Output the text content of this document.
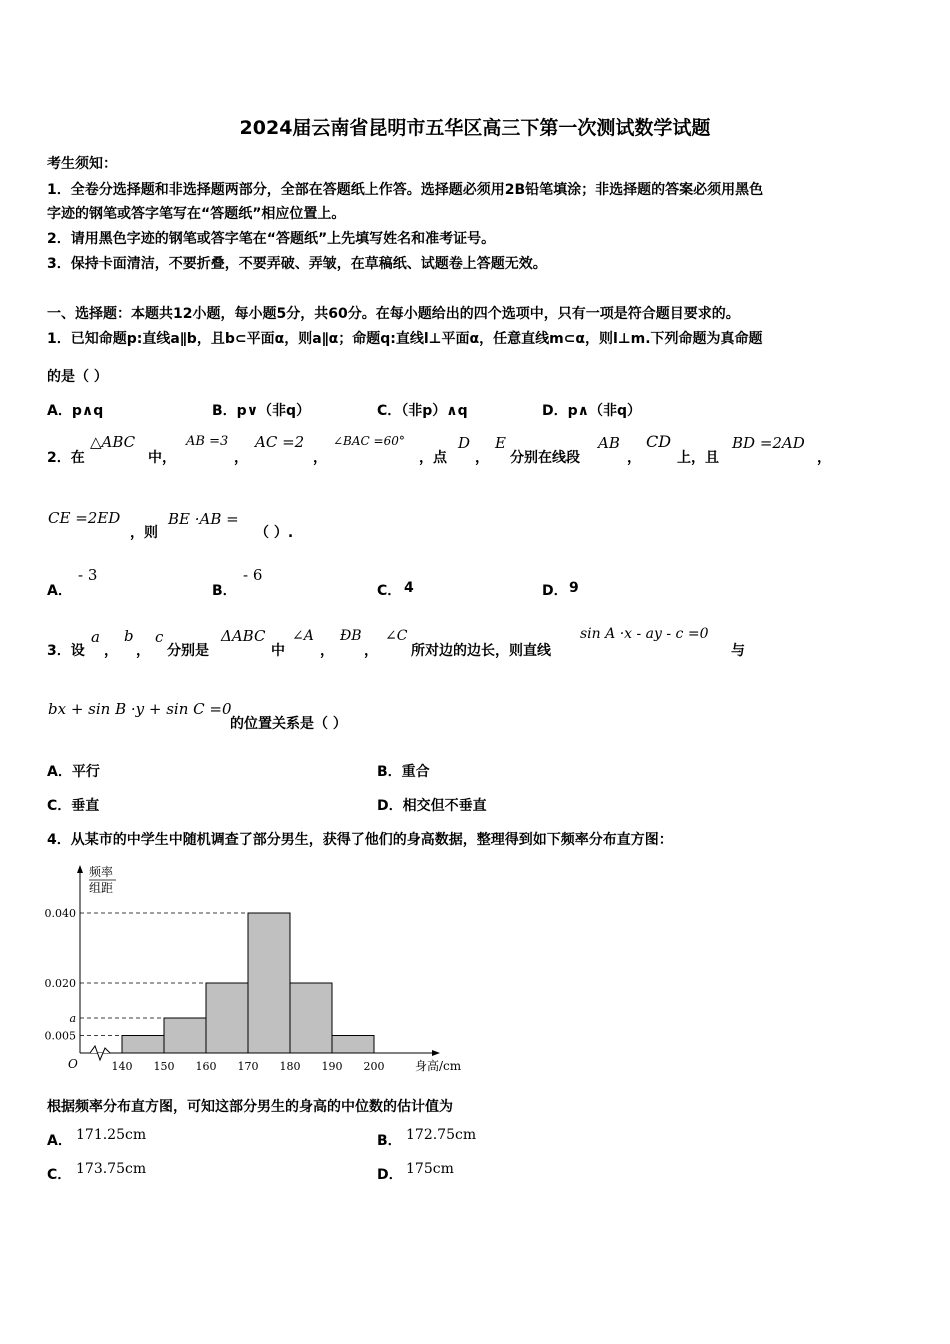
2024届云南省昆明市五华区高三下第一次测试数学试题
考生须知：
1．全卷分选择题和非选择题两部分，全部在答题纸上作答。选择题必须用2B铅笔填涂；非选择题的答案必须用黑色
字迹的钢笔或答字笔写在“答题纸”相应位置上。
2．请用黑色字迹的钢笔或答字笔在“答题纸”上先填写姓名和准考证号。
3．保持卡面清洁，不要折叠，不要弄破、弄皱，在草稿纸、试题卷上答题无效。
一、选择题：本题共12小题，每小题5分，共60分。在每小题给出的四个选项中，只有一项是符合题目要求的。
1．已知命题p:直线a∥b，且b⊂平面α，则a∥α；命题q:直线l⊥平面α，任意直线m⊂α，则l⊥m.下列命题为真命题
的是（ ）
A．p∧q	B．p∨（非q）	C．（非p）∧q	D．p∧（非q）
2．在
△ABC
中，
AB =3
，
AC =2
，
∠BAC =60°
，点
D
，
E
分别在线段
AB
，
CD
上，且
BD =2AD
，
CE =2ED
，则
BE ·AB =
（ ）.
A．
- 3
B．
- 6
C． 4	D． 9
3．设
a
，
b
，
c
分别是
ΔABC
中
∠A
，
ÐB
，
∠C
所对边的边长，则直线
sin A ·x - ay - c =0
与
bx + sin B ·y + sin C =0
的位置关系是（ ）
A．平行	B．重合
C．垂直	D．相交但不垂直
4．从某市的中学生中随机调查了部分男生，获得了他们的身高数据，整理得到如下频率分布直方图：
频率
组距
0.040
0.020
a
0.005
140 150 160 170 180 190 200
O	身高/cm
根据频率分布直方图，可知这部分男生的身高的中位数的估计值为
A． 171.25cm	B． 172.75cm
C． 173.75cm	D． 175cm
